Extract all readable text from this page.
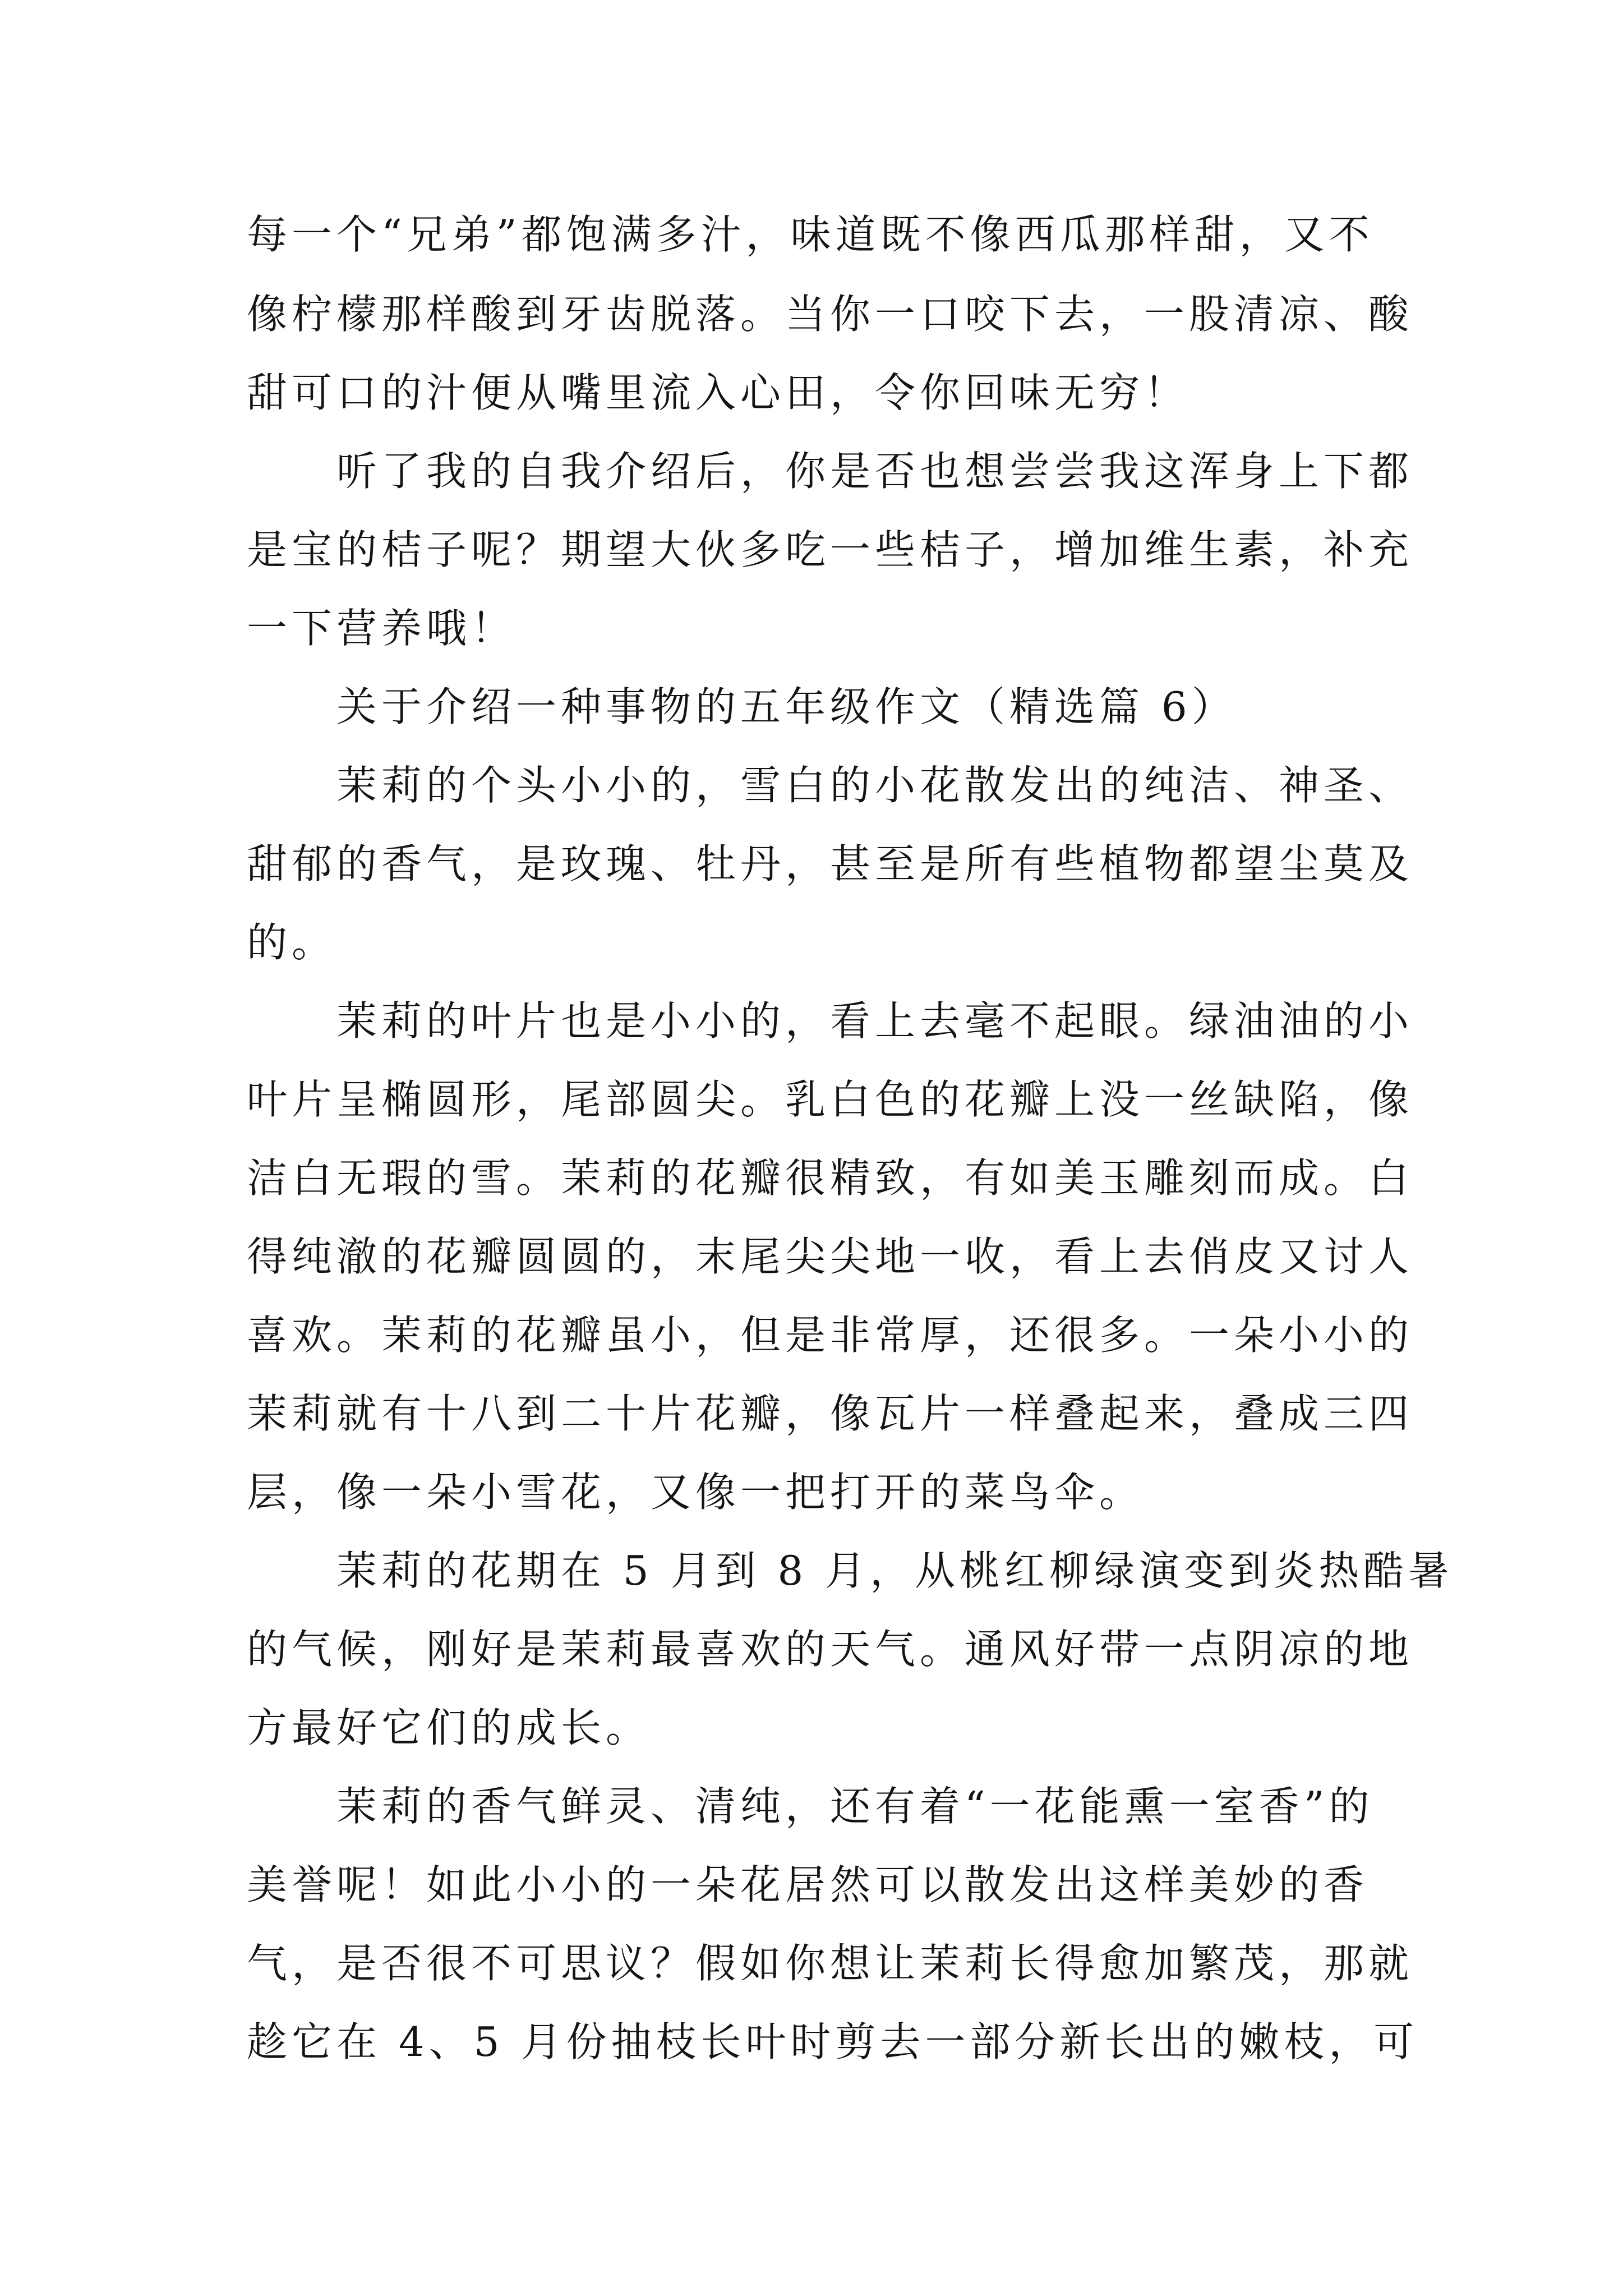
每一个“兄弟”都饱满多汁，味道既不像西瓜那样甜，又不

像柠檬那样酸到牙齿脱落。当你一口咬下去，一股清凉、酸

甜可口的汁便从嘴里流入心田，令你回味无穷！

听了我的自我介绍后，你是否也想尝尝我这浑身上下都

是宝的桔子呢？期望大伙多吃一些桔子，增加维生素，补充

一下营养哦！

关于介绍一种事物的五年级作文（精选篇 6）

茉莉的个头小小的，雪白的小花散发出的纯洁、神圣、

甜郁的香气，是玫瑰、牡丹，甚至是所有些植物都望尘莫及

的。

茉莉的叶片也是小小的，看上去毫不起眼。绿油油的小

叶片呈椭圆形，尾部圆尖。乳白色的花瓣上没一丝缺陷，像

洁白无瑕的雪。茉莉的花瓣很精致，有如美玉雕刻而成。白

得纯澈的花瓣圆圆的，末尾尖尖地一收，看上去俏皮又讨人

喜欢。茉莉的花瓣虽小，但是非常厚，还很多。一朵小小的

茉莉就有十八到二十片花瓣，像瓦片一样叠起来，叠成三四

层，像一朵小雪花，又像一把打开的菜鸟伞。

茉莉的花期在 5 月到 8 月，从桃红柳绿演变到炎热酷暑

的气候，刚好是茉莉最喜欢的天气。通风好带一点阴凉的地

方最好它们的成长。

茉莉的香气鲜灵、清纯，还有着“一花能熏一室香”的

美誉呢！如此小小的一朵花居然可以散发出这样美妙的香

气，是否很不可思议？假如你想让茉莉长得愈加繁茂，那就

趁它在 4、5 月份抽枝长叶时剪去一部分新长出的嫩枝，可
